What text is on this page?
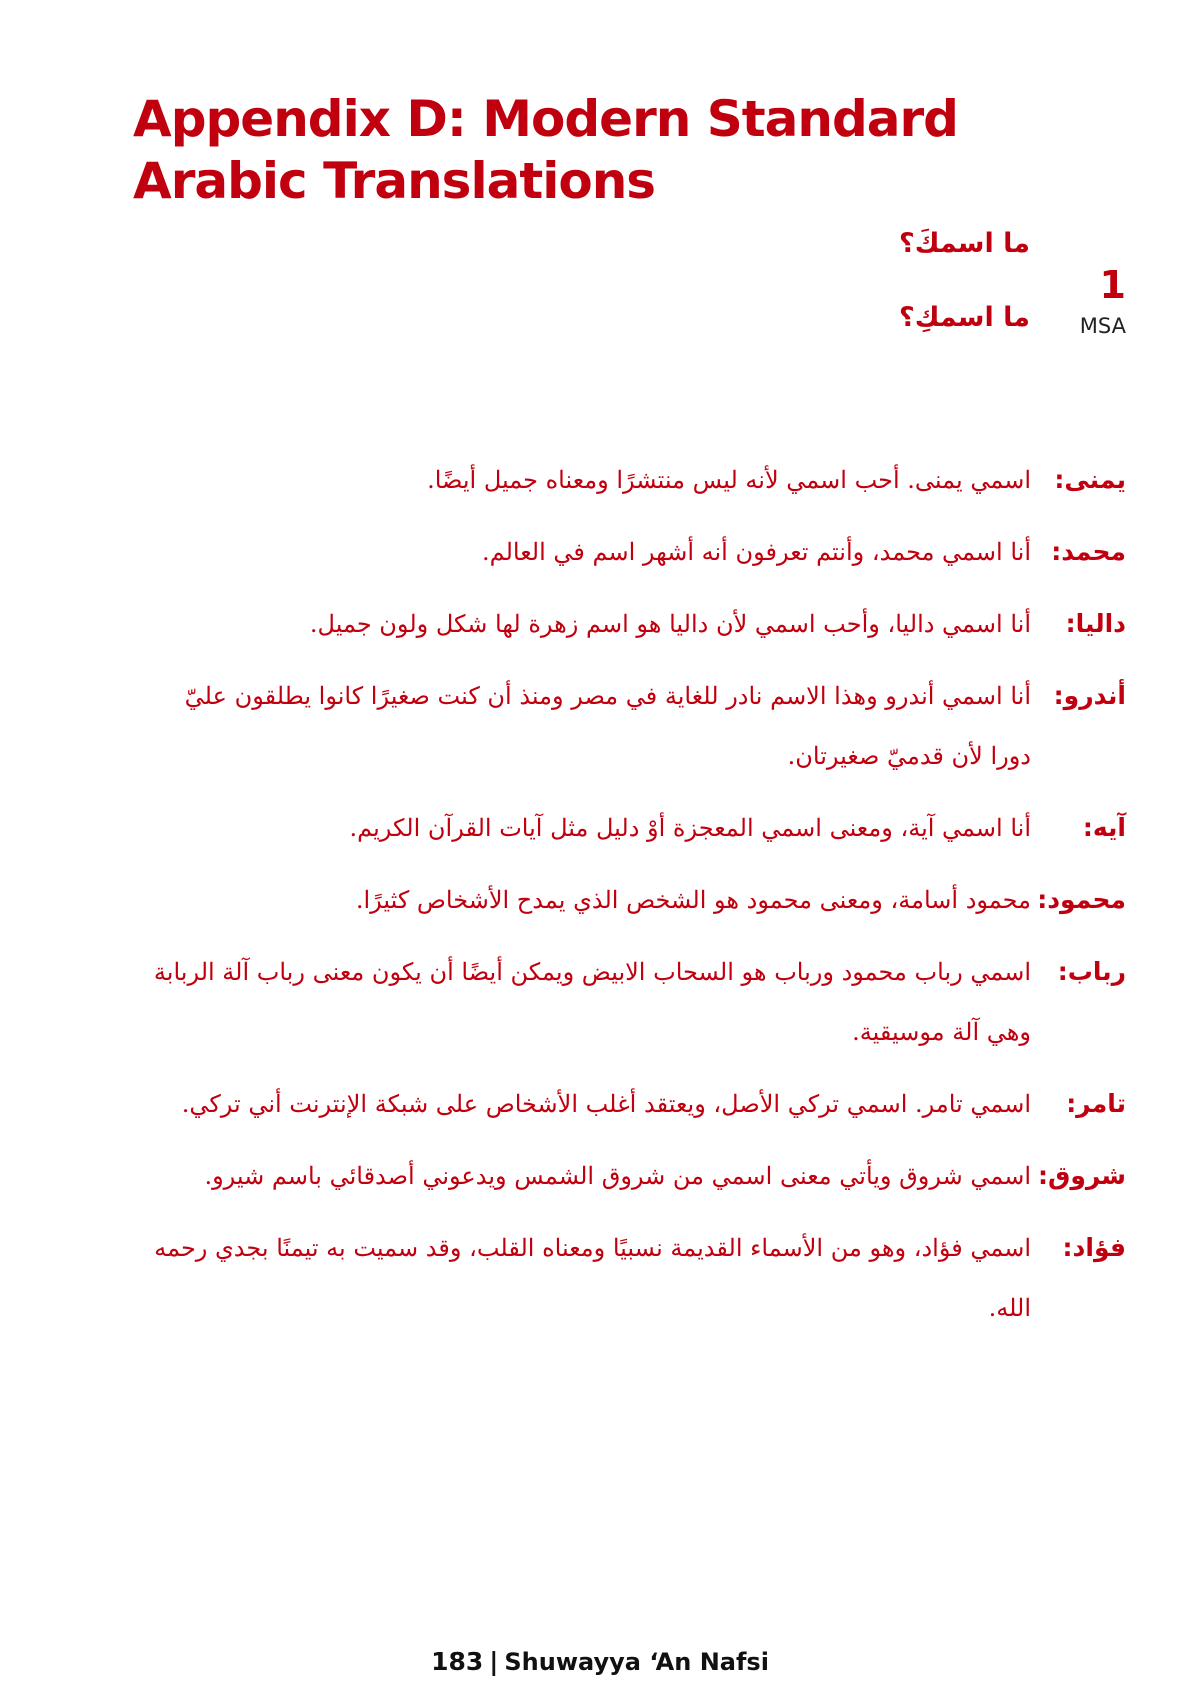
Appendix D: Modern Standard Arabic Translations
1
MSA
ما اسمكَ؟
ما اسمكِ؟
يمنى:
اسمي يمنى. أحب اسمي لأنه ليس منتشرًا ومعناه جميل أيضًا.
محمد:
أنا اسمي محمد، وأنتم تعرفون أنه أشهر اسم في العالم.
داليا:
أنا اسمي داليا، وأحب اسمي لأن داليا هو اسم زهرة لها شكل ولون جميل.
أندرو:
أنا اسمي أندرو وهذا الاسم نادر للغاية في مصر ومنذ أن كنت صغيرًا كانوا يطلقون عليّ دورا لأن قدميّ صغيرتان.
آيه:
أنا اسمي آية، ومعنى اسمي المعجزة أوْ دليل مثل آيات القرآن الكريم.
محمود:
محمود أسامة، ومعنى محمود هو الشخص الذي يمدح الأشخاص كثيرًا.
رباب:
اسمي رباب محمود ورباب هو السحاب الابيض ويمكن أيضًا أن يكون معنى رباب آلة الربابة وهي آلة موسيقية.
تامر:
اسمي تامر. اسمي تركي الأصل، ويعتقد أغلب الأشخاص على شبكة الإنترنت أني تركي.
شروق:
اسمي شروق ويأتي معنى اسمي من شروق الشمس ويدعوني أصدقائي باسم شيرو.
فؤاد:
اسمي فؤاد، وهو من الأسماء القديمة نسبيًا ومعناه القلب، وقد سميت به تيمنًا بجدي رحمه الله.
183 | Shuwayya ‘An Nafsi
